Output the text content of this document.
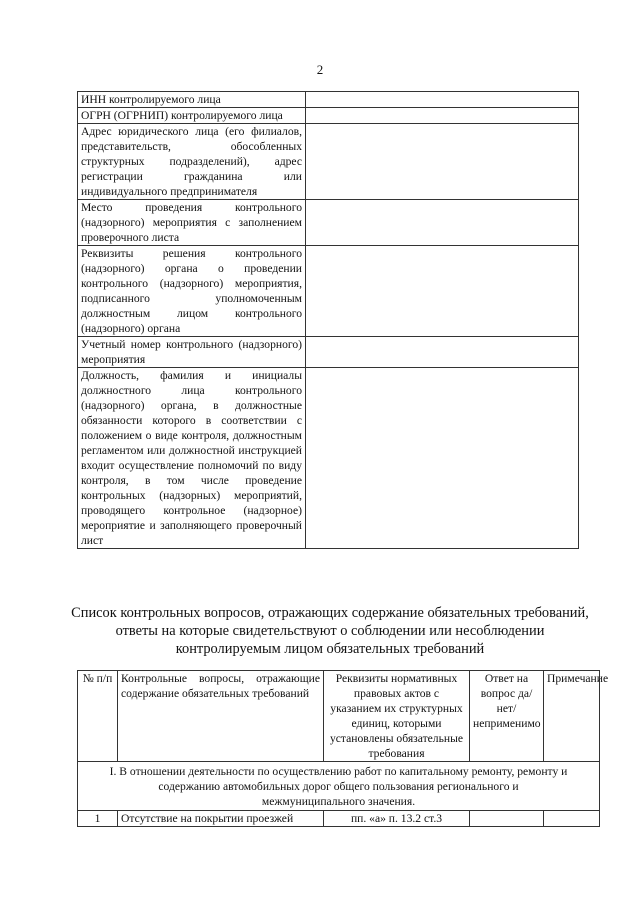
2
ИНН контролируемого лица	
ОГРН (ОГРНИП) контролируемого лица	
Адрес юридического лица (его филиалов, представительств, обособленных структурных подразделений), адрес регистрации гражданина или индивидуального предпринимателя	
Место проведения контрольного (надзорного) мероприятия с заполнением проверочного листа	
Реквизиты решения контрольного (надзорного) органа о проведении контрольного (надзорного) мероприятия, подписанного уполномоченным должностным лицом контрольного (надзорного) органа	
Учетный номер контрольного (надзорного) мероприятия	
Должность, фамилия и инициалы должностного лица контрольного (надзорного) органа, в должностные обязанности которого в соответствии с положением о виде контроля, должностным регламентом или должностной инструкцией входит осуществление полномочий по виду контроля, в том числе проведение контрольных (надзорных) мероприятий, проводящего контрольное (надзорное) мероприятие и заполняющего проверочный лист	
Список контрольных вопросов, отражающих содержание обязательных требований, ответы на которые свидетельствуют о соблюдении или несоблюдении контролируемым лицом обязательных требований
№ п/п	Контрольные вопросы, отражающие содержание обязательных требований	Реквизиты нормативных правовых актов с указанием их структурных единиц, которыми установлены обязательные требования	Ответ на вопрос да/нет/неприменимо	Примечание
I. В отношении деятельности по осуществлению работ по капитальному ремонту, ремонту и содержанию автомобильных дорог общего пользования регионального и межмуниципального значения.				
1	Отсутствие на покрытии проезжей	пп. «а» п. 13.2 ст.3		
